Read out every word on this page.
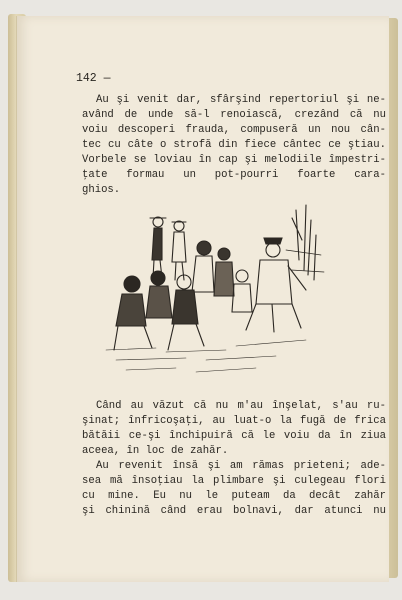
142 —
Au şi venit dar, sfârşind repertoriul şi ne-
având de unde să-l renoiască, crezând că nu
voiu descoperi frauda, compuseră un nou cân-
tec cu câte o strofă din fiece cântec ce ştiau.
Vorbele se loviau în cap şi melodiile împestri-
ţate formau un pot-pourri foarte cara-
ghios.
Când au văzut că nu m'au înşelat, s'au ru-
şinat; înfricoşaţi, au luat-o la fugă de frica
bătăii ce-şi închipuiră că le voiu da în ziua
aceea, în loc de zahăr.
Au revenit însă şi am rămas prieteni; ade-
sea mă însoţiau la plimbare şi culegeau flori
cu mine. Eu nu le puteam da decât zahăr
şi chinină când erau bolnavi, dar atunci nu
